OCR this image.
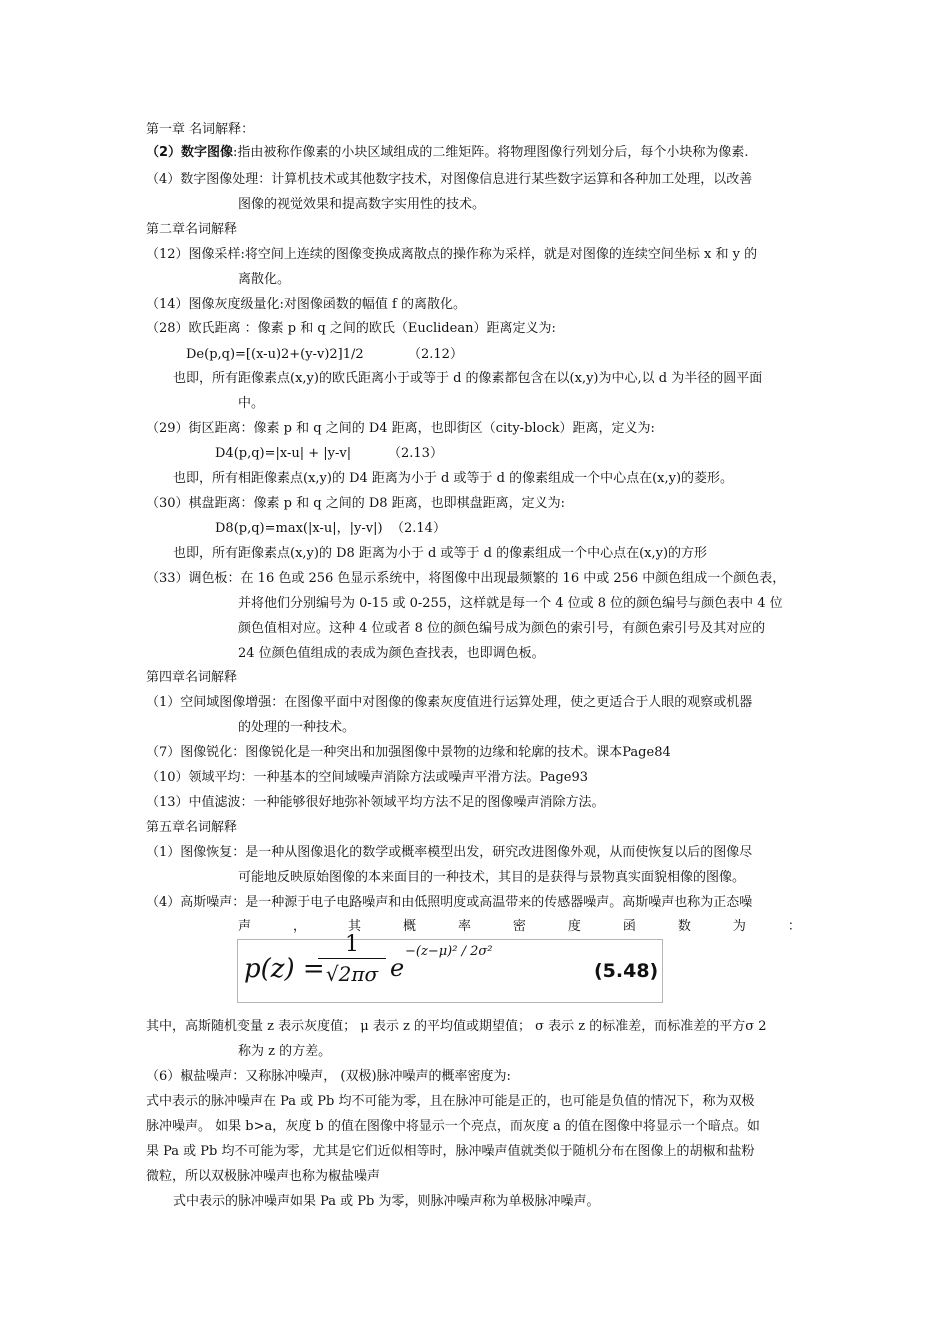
第一章 名词解释：
（2）数字图像:指由被称作像素的小块区域组成的二维矩阵。将物理图像行列划分后，每个小块称为像素.
（4）数字图像处理：计算机技术或其他数字技术，对图像信息进行某些数字运算和各种加工处理，以改善
图像的视觉效果和提高数字实用性的技术。
第二章名词解释
（12）图像采样:将空间上连续的图像变换成离散点的操作称为采样，就是对图像的连续空间坐标 x 和 y 的
离散化。
（14）图像灰度级量化:对图像函数的幅值 f 的离散化。
（28）欧氏距离 ：像素 p 和 q 之间的欧氏（Euclidean）距离定义为:
De(p,q)=[(x-u)2+(y-v)2]1/2	（2.12）
也即，所有距像素点(x,y)的欧氏距离小于或等于 d 的像素都包含在以(x,y)为中心,以 d 为半径的圆平面
中。
（29）街区距离：像素 p 和 q 之间的 D4 距离，也即街区（city-block）距离，定义为:
D4(p,q)=|x-u| + |y-v|	（2.13）
也即，所有相距像素点(x,y)的 D4 距离为小于 d 或等于 d 的像素组成一个中心点在(x,y)的菱形。
（30）棋盘距离：像素 p 和 q 之间的 D8 距离，也即棋盘距离，定义为:
D8(p,q)=max(|x-u|，|y-v|) （2.14）
也即，所有距像素点(x,y)的 D8 距离为小于 d 或等于 d 的像素组成一个中心点在(x,y)的方形
（33）调色板：在 16 色或 256 色显示系统中，将图像中出现最频繁的 16 中或 256 中颜色组成一个颜色表，
并将他们分别编号为 0-15 或 0-255，这样就是每一个 4 位或 8 位的颜色编号与颜色表中 4 位
颜色值相对应。这种 4 位或者 8 位的颜色编号成为颜色的索引号，有颜色索引号及其对应的
24 位颜色值组成的表成为颜色查找表，也即调色板。
第四章名词解释
（1）空间域图像增强：在图像平面中对图像的像素灰度值进行运算处理，使之更适合于人眼的观察或机器
的处理的一种技术。
（7）图像锐化：图像锐化是一种突出和加强图像中景物的边缘和轮廓的技术。课本Page84
（10）领域平均：一种基本的空间域噪声消除方法或噪声平滑方法。Page93
（13）中值滤波：一种能够很好地弥补领域平均方法不足的图像噪声消除方法。
第五章名词解释
（1）图像恢复：是一种从图像退化的数学或概率模型出发，研究改进图像外观，从而使恢复以后的图像尽
可能地反映原始图像的本来面目的一种技术，其目的是获得与景物真实面貌相像的图像。
（4）高斯噪声：是一种源于电子电路噪声和由低照明度或高温带来的传感器噪声。高斯噪声也称为正态噪
声	，	其	概	率	密	度	函	数	为	：
p(z) =
1
√2πσ e
−(z−μ)² / 2σ²
(5.48)
其中，高斯随机变量 z 表示灰度值； μ 表示 z 的平均值或期望值； σ 表示 z 的标准差，而标准差的平方σ 2
称为 z 的方差。
（6）椒盐噪声：又称脉冲噪声， (双极)脉冲噪声的概率密度为:
式中表示的脉冲噪声在 Pa 或 Pb 均不可能为零，且在脉冲可能是正的，也可能是负值的情况下，称为双极
脉冲噪声。 如果 b>a，灰度 b 的值在图像中将显示一个亮点，而灰度 a 的值在图像中将显示一个暗点。如
果 Pa 或 Pb 均不可能为零，尤其是它们近似相等时，脉冲噪声值就类似于随机分布在图像上的胡椒和盐粉
微粒，所以双极脉冲噪声也称为椒盐噪声
式中表示的脉冲噪声如果 Pa 或 Pb 为零，则脉冲噪声称为单极脉冲噪声。
